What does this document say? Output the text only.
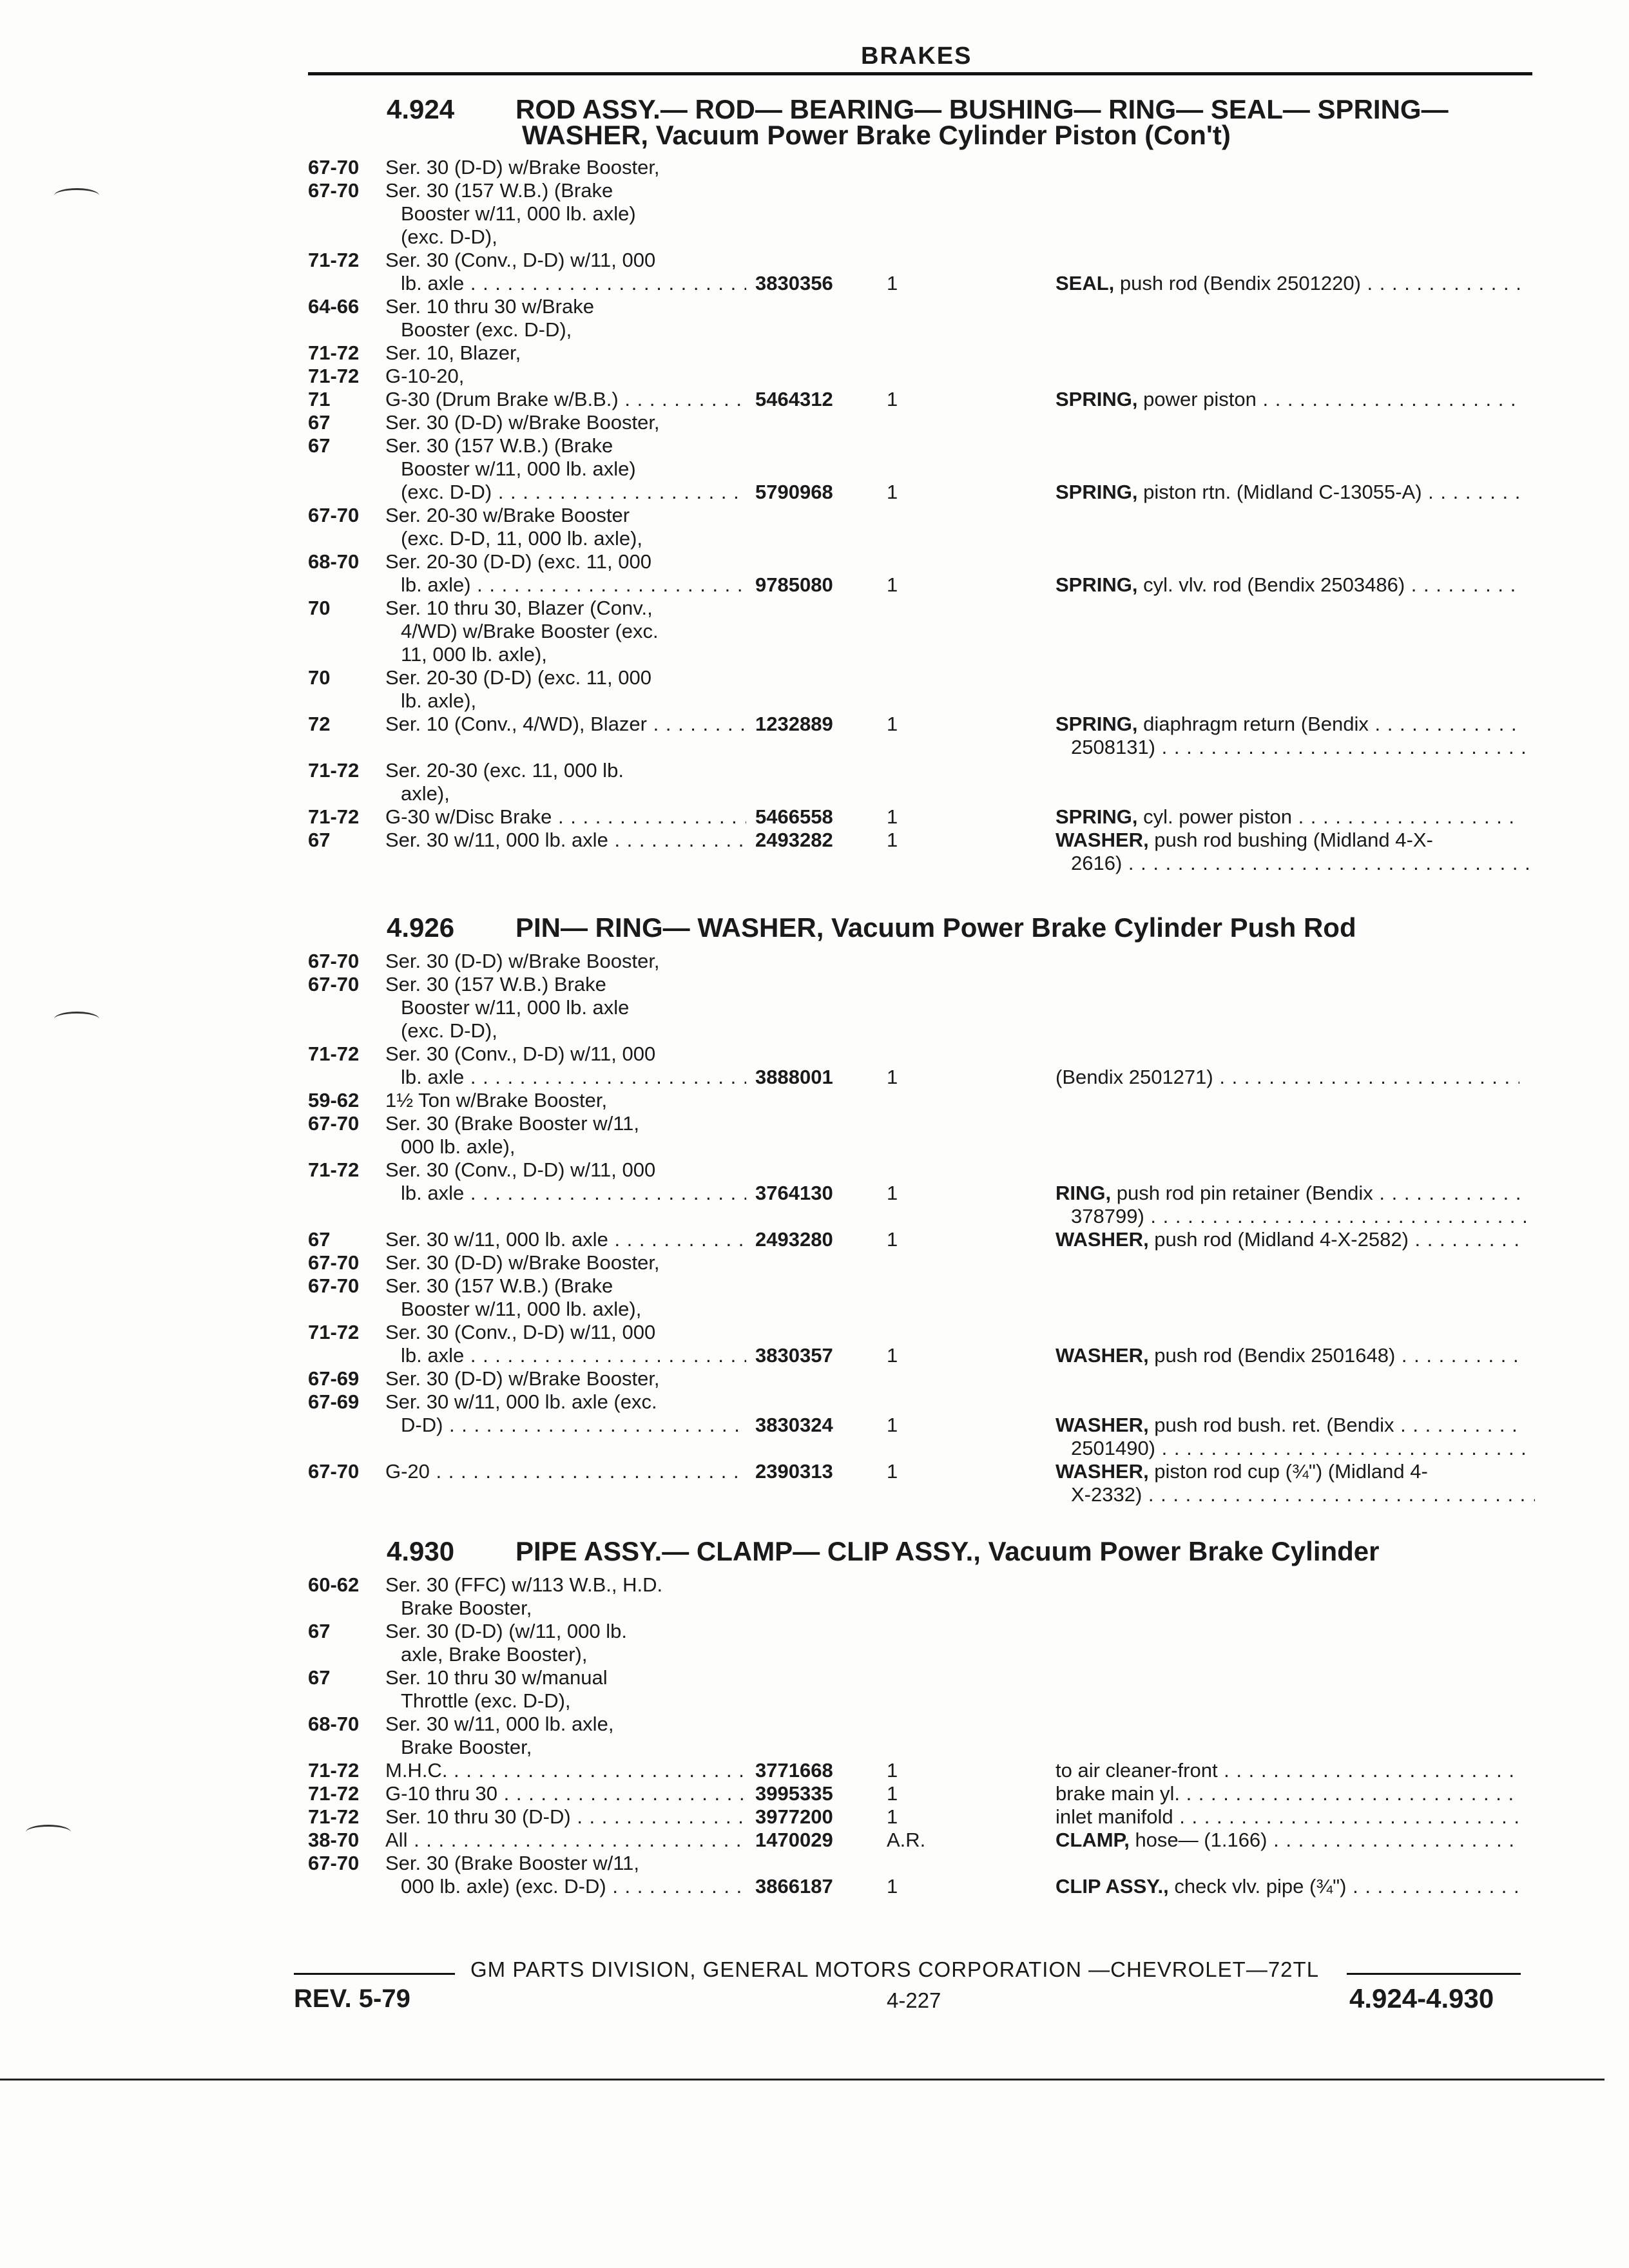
BRAKES
4.924 ROD ASSY.— ROD— BEARING— BUSHING— RING— SEAL— SPRING—
WASHER, Vacuum Power Brake Cylinder Piston (Con't)
67-70 Ser. 30 (D-D) w/Brake Booster,
67-70 Ser. 30 (157 W.B.) (Brake
Booster w/11, 000 lb. axle)
(exc. D-D),
71-72 Ser. 30 (Conv., D-D) w/11, 000
lb. axle . . .	3830356	1	SEAL, push rod (Bendix 2501220) . . .
64-66 Ser. 10 thru 30 w/Brake
Booster (exc. D-D),
71-72 Ser. 10, Blazer,
71-72 G-10-20,
71	G-30 (Drum Brake w/B.B.) . . .	5464312	1	SPRING, power piston . . .
67	Ser. 30 (D-D) w/Brake Booster,
67	Ser. 30 (157 W.B.) (Brake
Booster w/11, 000 lb. axle)
(exc. D-D) . . .	5790968	1	SPRING, piston rtn. (Midland C-13055-A) . . .
67-70 Ser. 20-30 w/Brake Booster
(exc. D-D, 11, 000 lb. axle),
68-70 Ser. 20-30 (D-D) (exc. 11, 000
lb. axle) . . .	9785080	1	SPRING, cyl. vlv. rod (Bendix 2503486) . . .
70	Ser. 10 thru 30, Blazer (Conv.,
4/WD) w/Brake Booster (exc.
11, 000 lb. axle),
70	Ser. 20-30 (D-D) (exc. 11, 000
lb. axle),
72	Ser. 10 (Conv., 4/WD), Blazer . . .	1232889	1	SPRING, diaphragm return (Bendix . . .
2508131) . . .
71-72 Ser. 20-30 (exc. 11, 000 lb.
axle),
71-72 G-30 w/Disc Brake . . .	5466558	1	SPRING, cyl. power piston . . .
67	Ser. 30 w/11, 000 lb. axle . . .	2493282	1	WASHER, push rod bushing (Midland 4-X-
2616) . . .
4.926 PIN— RING— WASHER, Vacuum Power Brake Cylinder Push Rod
67-70 Ser. 30 (D-D) w/Brake Booster,
67-70 Ser. 30 (157 W.B.) Brake
Booster w/11, 000 lb. axle
(exc. D-D),
71-72 Ser. 30 (Conv., D-D) w/11, 000
lb. axle . . .	3888001	1	(Bendix 2501271) . . .
59-62 1½ Ton w/Brake Booster,
67-70 Ser. 30 (Brake Booster w/11,
000 lb. axle),
71-72 Ser. 30 (Conv., D-D) w/11, 000
lb. axle . . .	3764130	1	RING, push rod pin retainer (Bendix . . .
378799) . . .
67	Ser. 30 w/11, 000 lb. axle . . .	2493280	1	WASHER, push rod (Midland 4-X-2582) . . .
67-70 Ser. 30 (D-D) w/Brake Booster,
67-70 Ser. 30 (157 W.B.) (Brake
Booster w/11, 000 lb. axle),
71-72 Ser. 30 (Conv., D-D) w/11, 000
lb. axle . . .	3830357	1	WASHER, push rod (Bendix 2501648) . . .
67-69 Ser. 30 (D-D) w/Brake Booster,
67-69 Ser. 30 w/11, 000 lb. axle (exc.
D-D) . . .	3830324	1	WASHER, push rod bush. ret. (Bendix . . .
2501490) . . .
67-70 G-20 . . .	2390313	1	WASHER, piston rod cup (¾") (Midland 4-
X-2332) . . .
4.930 PIPE ASSY.— CLAMP— CLIP ASSY., Vacuum Power Brake Cylinder
60-62 Ser. 30 (FFC) w/113 W.B., H.D.
Brake Booster,
67	Ser. 30 (D-D) (w/11, 000 lb.
axle, Brake Booster),
67	Ser. 10 thru 30 w/manual
Throttle (exc. D-D),
68-70 Ser. 30 w/11, 000 lb. axle,
Brake Booster,
71-72 M.H.C. . . .	3771668	1	to air cleaner-front . . .
71-72 G-10 thru 30 . . .	3995335	1	brake main yl. . . .
71-72 Ser. 10 thru 30 (D-D) . . .	3977200	1	inlet manifold . . .
38-70 All . . .	1470029	A.R.	CLAMP, hose— (1.166) . . .
67-70 Ser. 30 (Brake Booster w/11,
000 lb. axle) (exc. D-D) . . .	3866187	1	CLIP ASSY., check vlv. pipe (¾") . . .
GM PARTS DIVISION, GENERAL MOTORS CORPORATION —CHEVROLET—72TL
REV. 5-79	4-227	4.924-4.930
